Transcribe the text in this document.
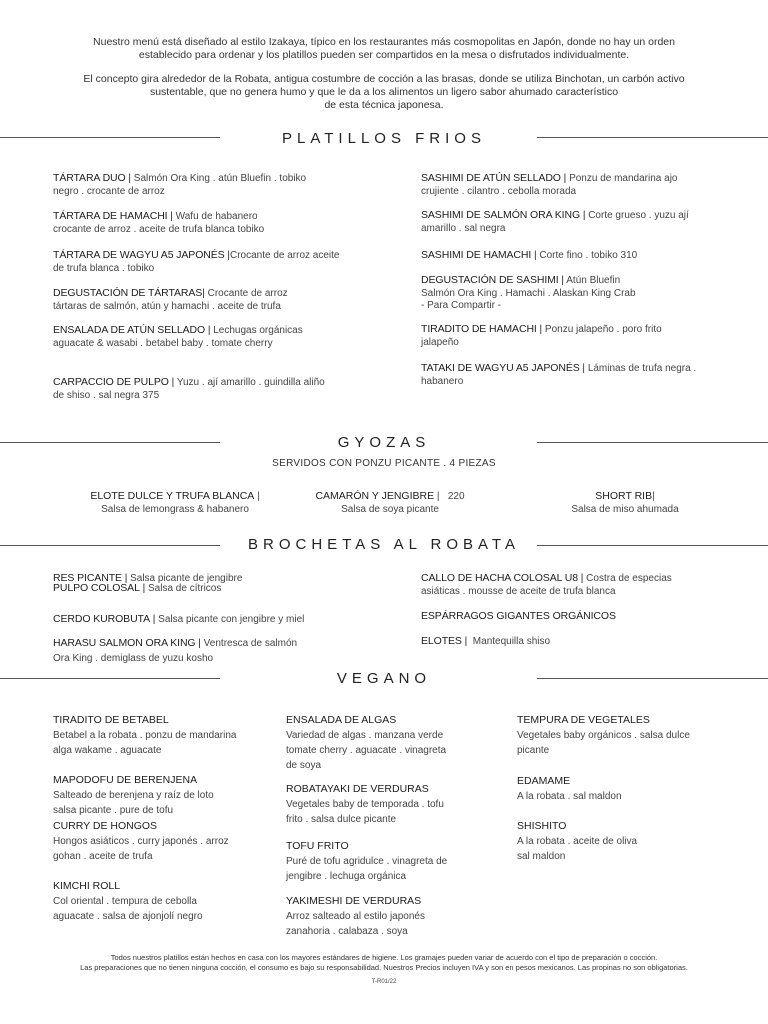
Nuestro menú está diseñado al estilo Izakaya, típico en los restaurantes más cosmopolitas en Japón, donde no hay un orden
establecido para ordenar y los platillos pueden ser compartidos en la mesa o disfrutados individualmente.
El concepto gira alrededor de la Robata, antigua costumbre de cocción a las brasas, donde se utiliza Binchotan, un carbón activo
sustentable, que no genera humo y que le da a los alimentos un ligero sabor ahumado característico
de esta técnica japonesa.
PLATILLOS FRIOS
TÁRTARA DUO | Salmón Ora King . atún Bluefin . tobiko
negro . crocante de arroz
TÁRTARA DE HAMACHI | Wafu de habanero
crocante de arroz . aceite de trufa blanca tobiko
TÁRTARA DE WAGYU A5 JAPONÉS |Crocante de arroz aceite
de trufa blanca . tobiko
DEGUSTACIÓN DE TÁRTARAS| Crocante de arroz
tártaras de salmón, atún y hamachi . aceite de trufa
ENSALADA DE ATÚN SELLADO | Lechugas orgánicas
aguacate & wasabi . betabel baby . tomate cherry
CARPACCIO DE PULPO | Yuzu . ají amarillo . guindilla aliño
de shiso . sal negra 375
SASHIMI DE ATÚN SELLADO | Ponzu de mandarina ajo
crujiente . cilantro . cebolla morada
SASHIMI DE SALMÓN ORA KING | Corte grueso . yuzu ají
amarillo . sal negra
SASHIMI DE HAMACHI | Corte fino . tobiko 310
DEGUSTACIÓN DE SASHIMI | Atún Bluefin
Salmón Ora King . Hamachi . Alaskan King Crab
- Para Compartir -
TIRADITO DE HAMACHI | Ponzu jalapeño . poro frito
jalapeño
TATAKI DE WAGYU A5 JAPONÉS | Láminas de trufa negra .
habanero
GYOZAS
SERVIDOS CON PONZU PICANTE . 4 PIEZAS
ELOTE DULCE Y TRUFA BLANCA |
Salsa de lemongrass & habanero
CAMARÓN Y JENGIBRE | 220
Salsa de soya picante
SHORT RIB|
Salsa de miso ahumada
BROCHETAS AL ROBATA
RES PICANTE | Salsa picante de jengibre
PULPO COLOSAL | Salsa de cítricos
CERDO KUROBUTA | Salsa picante con jengibre y miel
HARASU SALMON ORA KING | Ventresca de salmón
Ora King . demiglass de yuzu kosho
CALLO DE HACHA COLOSAL U8 | Costra de especias
asiáticas . mousse de aceite de trufa blanca
ESPÁRRAGOS GIGANTES ORGÁNICOS
ELOTES | Mantequilla shiso
VEGANO
TIRADITO DE BETABEL
Betabel a la robata . ponzu de mandarina
alga wakame . aguacate
MAPODOFU DE BERENJENA
Salteado de berenjena y raíz de loto
salsa picante . pure de tofu
CURRY DE HONGOS
Hongos asiáticos . curry japonés . arroz
gohan . aceite de trufa
KIMCHI ROLL
Col oriental . tempura de cebolla
aguacate . salsa de ajonjolí negro
ENSALADA DE ALGAS
Variedad de algas . manzana verde
tomate cherry . aguacate . vinagreta
de soya
ROBATAYAKI DE VERDURAS
Vegetales baby de temporada . tofu
frito . salsa dulce picante
TOFU FRITO
Puré de tofu agridulce . vinagreta de
jengibre . lechuga orgánica
YAKIMESHI DE VERDURAS
Arroz salteado al estilo japonés
zanahoria . calabaza . soya
TEMPURA DE VEGETALES
Vegetales baby orgánicos . salsa dulce
picante
EDAMAME
A la robata . sal maldon
SHISHITO
A la robata . aceite de oliva
sal maldon
Todos nuestros platillos están hechos en casa con los mayores estándares de higiene. Los gramajes pueden variar de acuerdo con el tipo de preparación o cocción.
Las preparaciones que no tienen ninguna cocción, el consumo es bajo su responsabilidad. Nuestros Precios incluyen IVA y son en pesos mexicanos. Las propinas no son obligatorias.
T-R01/22
